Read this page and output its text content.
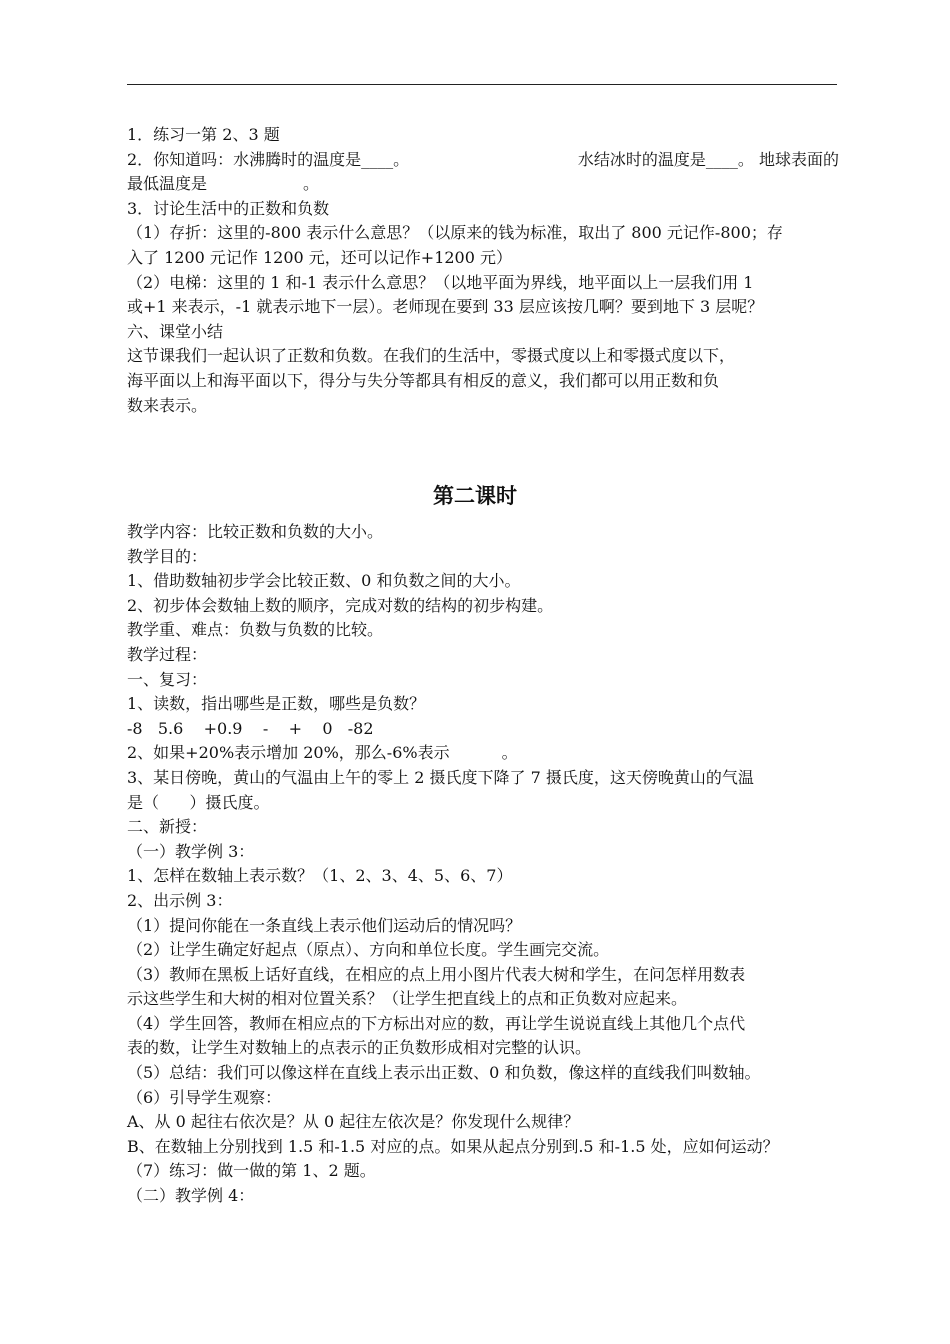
1．练习一第 2、3 题

2．你知道吗：水沸腾时的温度是____。	水结冰时的温度是____。 地球表面的

最低温度是	。

3．讨论生活中的正数和负数

（1）存折：这里的-800 表示什么意思？（以原来的钱为标准，取出了 800 元记作-800；存

入了 1200 元记作 1200 元，还可以记作+1200 元）

（2）电梯：这里的 1 和-1 表示什么意思？（以地平面为界线，地平面以上一层我们用 1

或+1 来表示，-1 就表示地下一层）。老师现在要到 33 层应该按几啊？要到地下 3 层呢？

六、课堂小结

这节课我们一起认识了正数和负数。在我们的生活中，零摄式度以上和零摄式度以下，

海平面以上和海平面以下，得分与失分等都具有相反的意义，我们都可以用正数和负

数来表示。

第二课时

教学内容：比较正数和负数的大小。

教学目的：

1、借助数轴初步学会比较正数、0 和负数之间的大小。

2、初步体会数轴上数的顺序，完成对数的结构的初步构建。

教学重、难点：负数与负数的比较。

教学过程：

一、复习：

1、读数，指出哪些是正数，哪些是负数？

-8   5.6    +0.9    -    +    0   -82

2、如果+20%表示增加 20%，那么-6%表示	。

3、某日傍晚，黄山的气温由上午的零上 2 摄氏度下降了 7 摄氏度，这天傍晚黄山的气温

是（      ）摄氏度。

二、新授：

（一）教学例 3：

1、怎样在数轴上表示数？（1、2、3、4、5、6、7）

2、出示例 3：

（1）提问你能在一条直线上表示他们运动后的情况吗？

（2）让学生确定好起点（原点）、方向和单位长度。学生画完交流。

（3）教师在黑板上话好直线，在相应的点上用小图片代表大树和学生，在问怎样用数表

示这些学生和大树的相对位置关系？（让学生把直线上的点和正负数对应起来。

（4）学生回答，教师在相应点的下方标出对应的数，再让学生说说直线上其他几个点代

表的数，让学生对数轴上的点表示的正负数形成相对完整的认识。

（5）总结：我们可以像这样在直线上表示出正数、0 和负数，像这样的直线我们叫数轴。

（6）引导学生观察：

A、从 0 起往右依次是？从 0 起往左依次是？你发现什么规律？

B、在数轴上分别找到 1.5 和-1.5 对应的点。如果从起点分别到.5 和-1.5 处，应如何运动？

（7）练习：做一做的第 1、2 题。

（二）教学例 4：
